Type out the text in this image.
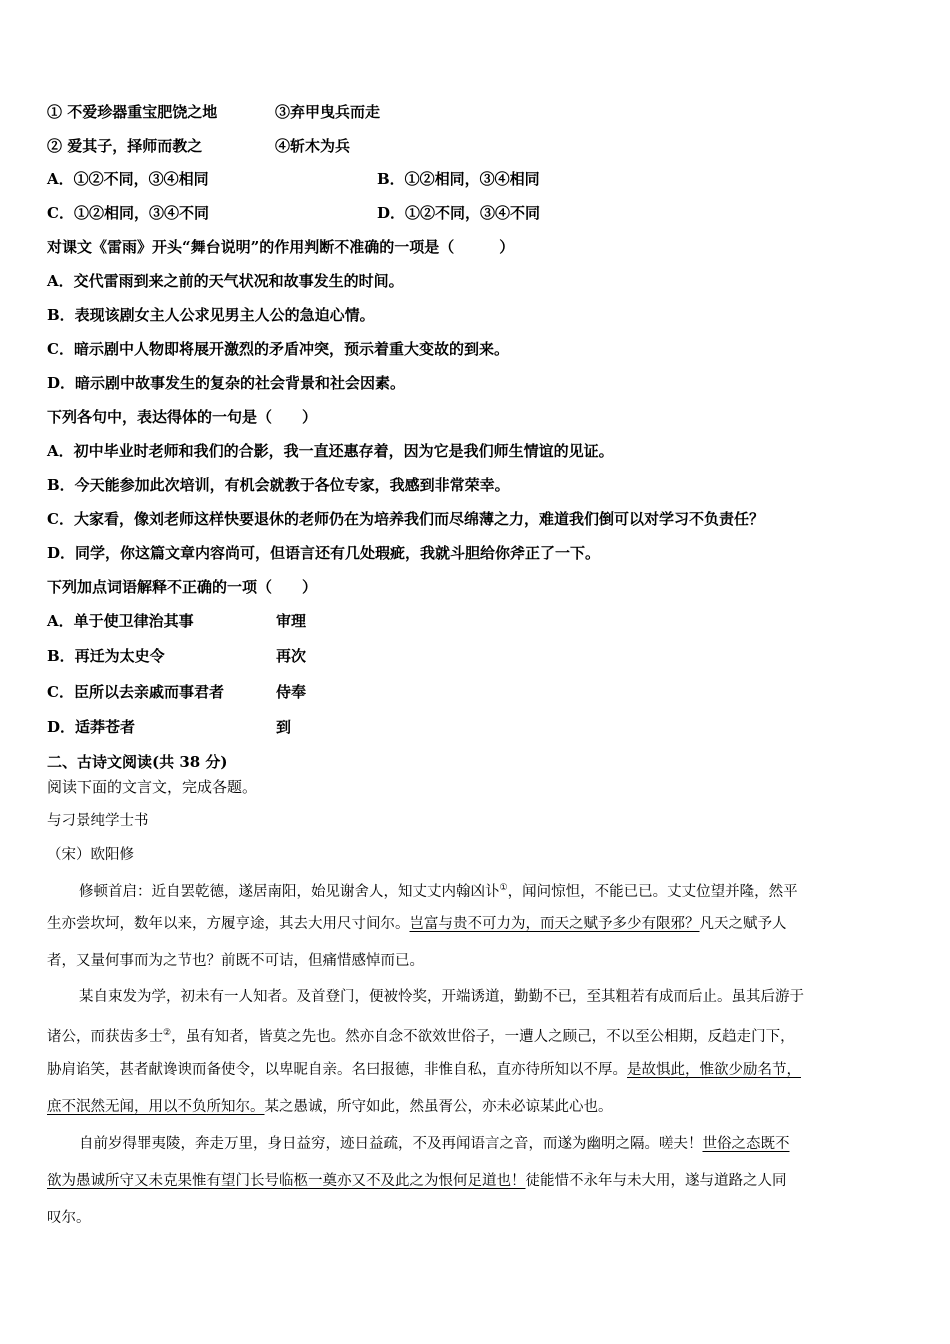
① 不爱珍器重宝肥饶之地	③弃甲曳兵而走
② 爱其子，择师而教之	④斩木为兵
A．①②不同，③④相同	B．①②相同，③④相同
C．①②相同，③④不同	D．①②不同，③④不同
对课文《雷雨》开头“舞台说明”的作用判断不准确的一项是（　　　）
A．交代雷雨到来之前的天气状况和故事发生的时间。
B．表现该剧女主人公求见男主人公的急迫心情。
C．暗示剧中人物即将展开激烈的矛盾冲突，预示着重大变故的到来。
D．暗示剧中故事发生的复杂的社会背景和社会因素。
下列各句中，表达得体的一句是（　　）
A．初中毕业时老师和我们的合影，我一直还惠存着，因为它是我们师生情谊的见证。
B．今天能参加此次培训，有机会就教于各位专家，我感到非常荣幸。
C．大家看，像刘老师这样快要退休的老师仍在为培养我们而尽绵薄之力，难道我们倒可以对学习不负责任？
D．同学，你这篇文章内容尚可，但语言还有几处瑕疵，我就斗胆给你斧正了一下。
下列加点词语解释不正确的一项（　　）
A．单于使卫律治其事	审理
B．再迁为太史令	再次
C．臣所以去亲戚而事君者	侍奉
D．适莽苍者	到
二、古诗文阅读(共 38 分)
阅读下面的文言文，完成各题。
与刁景纯学士书
（宋）欧阳修
修顿首启：近自罢乾德，遂居南阳，始见谢舍人，知丈丈内翰凶讣①，闻问惊怛，不能已已。丈丈位望并隆，然平
生亦尝坎坷，数年以来，方履亨途，其去大用尺寸间尔。岂富与贵不可力为，而天之赋予多少有限邪？凡天之赋予人
者，又量何事而为之节也？前既不可诘，但痛惜感悼而已。
某自束发为学，初未有一人知者。及首登门，便被怜奖，开端诱道，勤勤不已，至其粗若有成而后止。虽其后游于
诸公，而获齿多士②，虽有知者，皆莫之先也。然亦自念不欲效世俗子，一遭人之顾己，不以至公相期，反趋走门下，
胁肩谄笑，甚者献谗谀而备使令，以卑昵自亲。名曰报德，非惟自私，直亦待所知以不厚。是故惧此，惟欲少励名节，
庶不泯然无闻，用以不负所知尔。某之愚诚，所守如此，然虽胥公，亦未必谅某此心也。
自前岁得罪夷陵，奔走万里，身日益穷，迹日益疏，不及再闻语言之音，而遂为幽明之隔。嗟夫！世俗之态既不
欲为愚诚所守又未克果惟有望门长号临柩一奠亦又不及此之为恨何足道也！徒能惜不永年与未大用，遂与道路之人同
叹尔。
